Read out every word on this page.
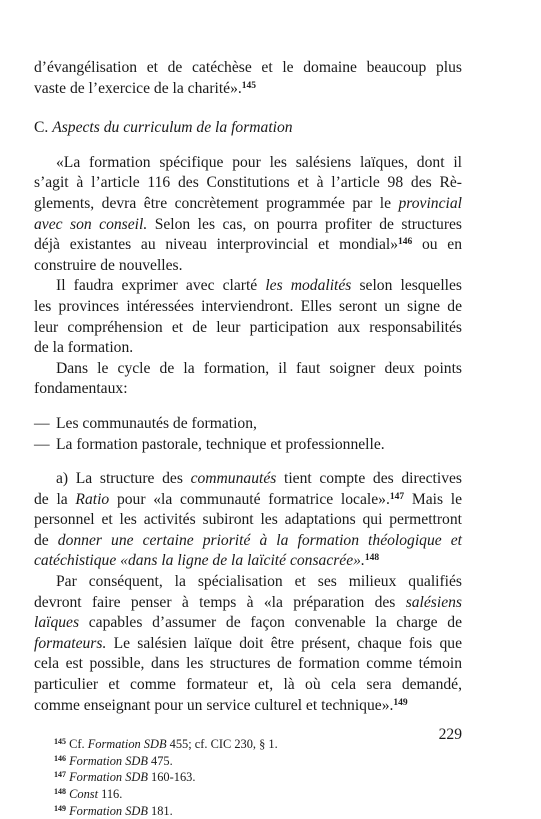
d’évangélisation et de catéchèse et le domaine beaucoup plus
vaste de l’exercice de la charité».$^{145}$
C. Aspects du curriculum de la formation
«La formation spécifique pour les salésiens laïques, dont il
s’agit à l’article 116 des Constitutions et à l’article 98 des Rè-
glements, devra être concrètement programmée par le provincial
avec son conseil. Selon les cas, on pourra profiter de structures
déjà existantes au niveau interprovincial et mondial»$^{146}$ ou en
construire de nouvelles.
Il faudra exprimer avec clarté les modalités selon lesquelles
les provinces intéressées interviendront. Elles seront un signe de
leur compréhension et de leur participation aux responsabilités
de la formation.
Dans le cycle de la formation, il faut soigner deux points
fondamentaux:
— Les communautés de formation,
— La formation pastorale, technique et professionnelle.
a) La structure des communautés tient compte des directives
de la Ratio pour «la communauté formatrice locale».$^{147}$ Mais le
personnel et les activités subiront les adaptations qui permettront
de donner une certaine priorité à la formation théologique et
catéchistique «dans la ligne de la laïcité consacrée».$^{148}$
Par conséquent, la spécialisation et ses milieux qualifiés
devront faire penser à temps à «la préparation des salésiens
laïques capables d’assumer de façon convenable la charge de
formateurs. Le salésien laïque doit être présent, chaque fois que
cela est possible, dans les structures de formation comme témoin
particulier et comme formateur et, là où cela sera demandé,
comme enseignant pour un service culturel et technique».$^{149}$
$^{145}$ Cf. Formation SDB 455; cf. CIC 230, § 1.
$^{146}$ Formation SDB 475.
$^{147}$ Formation SDB 160-163.
$^{148}$ Const 116.
$^{149}$ Formation SDB 181.
229
